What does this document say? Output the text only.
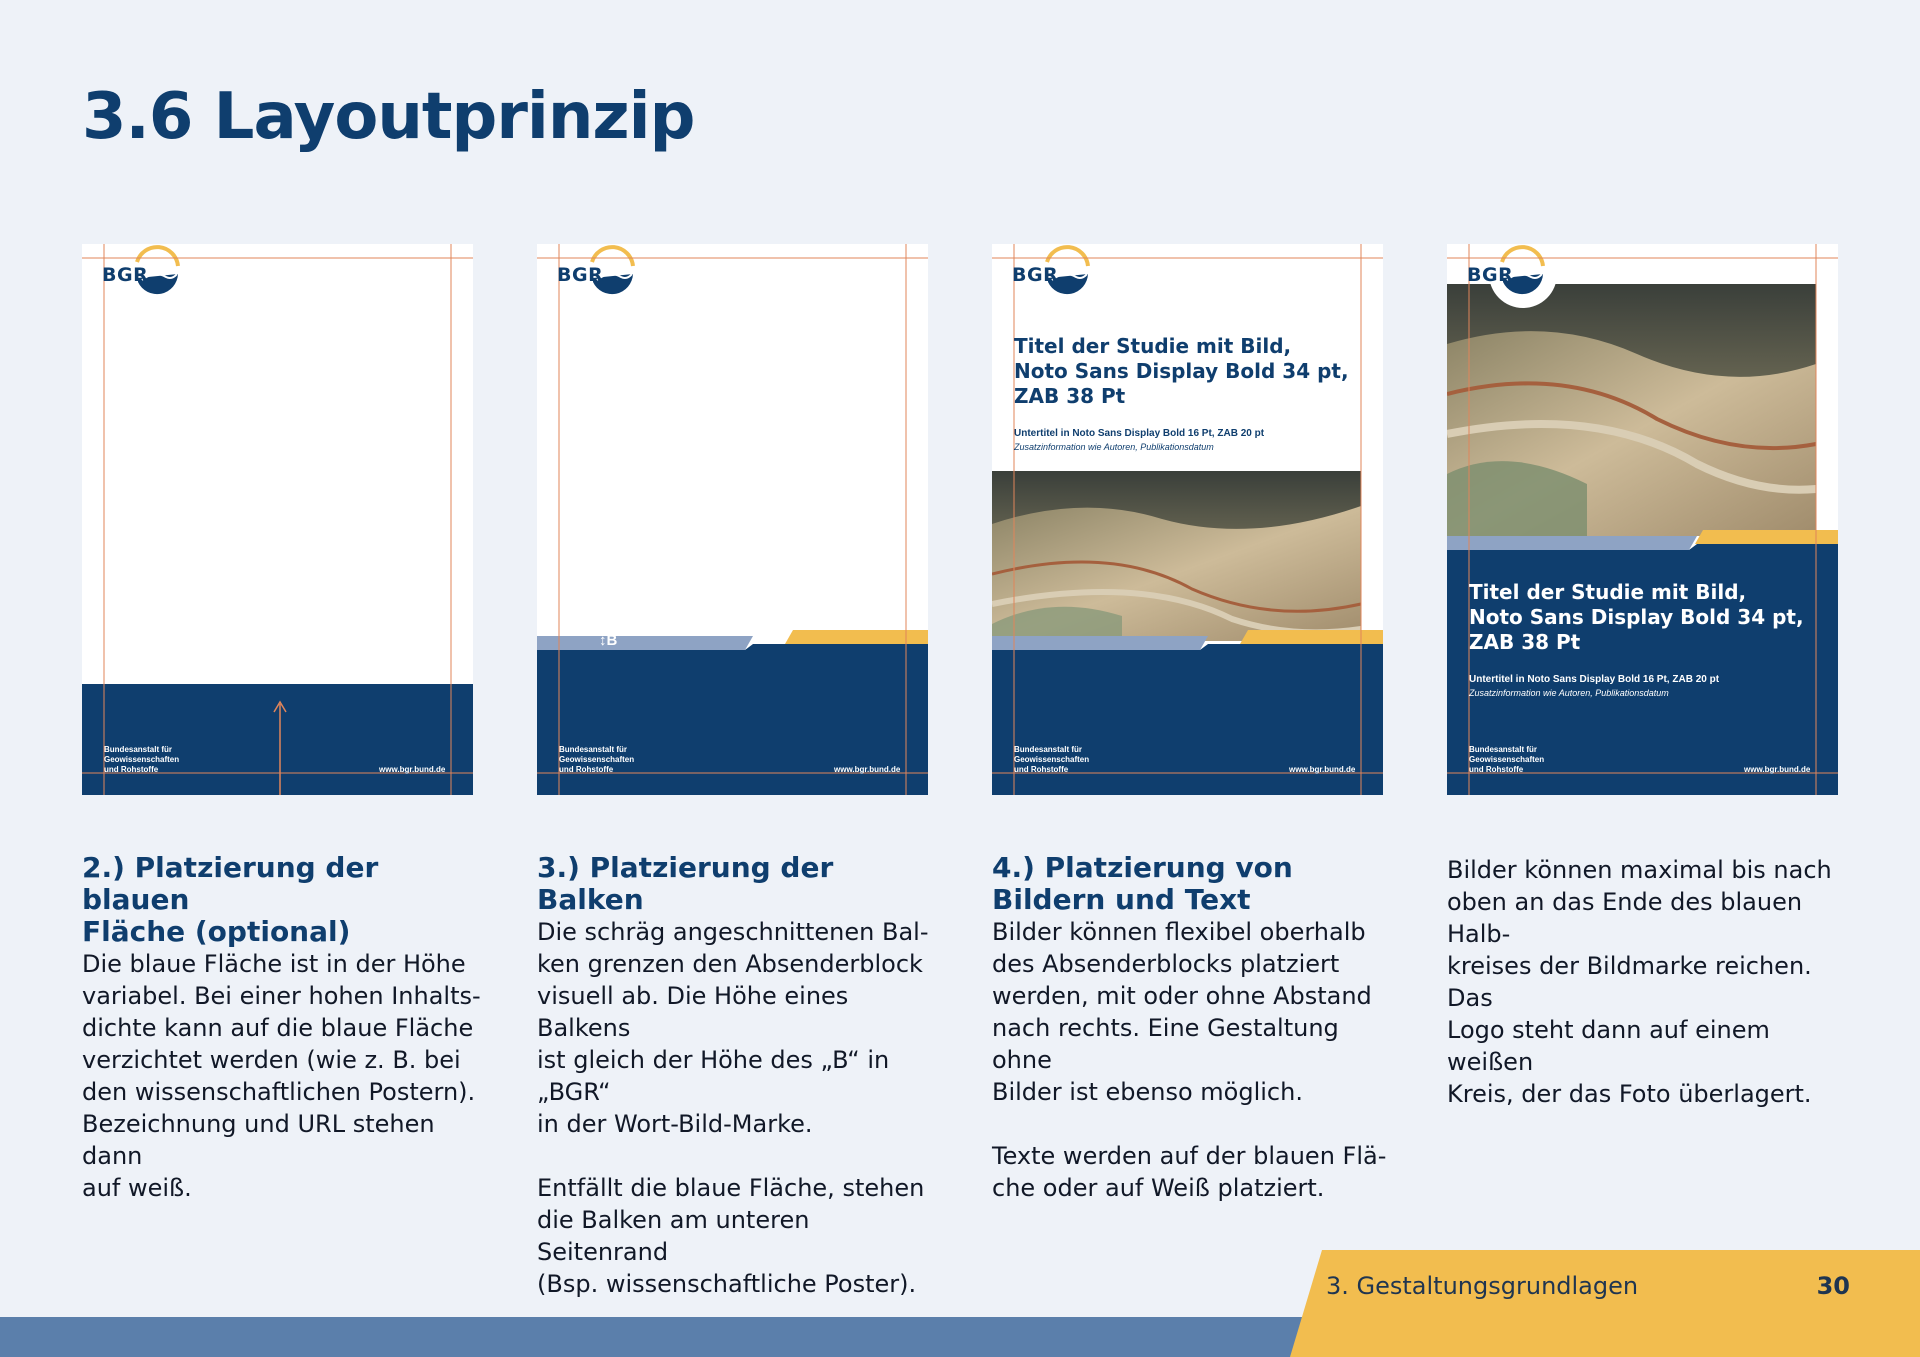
3.6 Layoutprinzip
BGR
Bundesanstalt für
Geowissenschaften
und Rohstoffe	www.bgr.bund.de
BGR
↕B
Bundesanstalt für
Geowissenschaften
und Rohstoffe	www.bgr.bund.de
BGR
Titel der Studie mit Bild,
Noto Sans Display Bold 34 pt,
ZAB 38 Pt
Untertitel in Noto Sans Display Bold 16 Pt, ZAB 20 pt
Zusatzinformation wie Autoren, Publikationsdatum
Bundesanstalt für
Geowissenschaften
und Rohstoffe	www.bgr.bund.de
BGR
Titel der Studie mit Bild,
Noto Sans Display Bold 34 pt,
ZAB 38 Pt
Untertitel in Noto Sans Display Bold 16 Pt, ZAB 20 pt
Zusatzinformation wie Autoren, Publikationsdatum
Bundesanstalt für
Geowissenschaften
und Rohstoffe	www.bgr.bund.de
2.) Platzierung der blauen
Fläche (optional)

Die blaue Fläche ist in der Höhe
variabel. Bei einer hohen Inhalts-
dichte kann auf die blaue Fläche
verzichtet werden (wie z. B. bei
den wissenschaftlichen Postern).
Bezeichnung und URL stehen dann
auf weiß.

3.) Platzierung der Balken

Die schräg angeschnittenen Bal-
ken grenzen den Absenderblock
visuell ab. Die Höhe eines Balkens
ist gleich der Höhe des „B“ in „BGR“
in der Wort-Bild-Marke.

Entfällt die blaue Fläche, stehen
die Balken am unteren Seitenrand
(Bsp. wissenschaftliche Poster).

4.) Platzierung von
Bildern und Text

Bilder können flexibel oberhalb
des Absenderblocks platziert
werden, mit oder ohne Abstand
nach rechts. Eine Gestaltung ohne
Bilder ist ebenso möglich.

Texte werden auf der blauen Flä-
che oder auf Weiß platziert.

Bilder können maximal bis nach
oben an das Ende des blauen Halb-
kreises der Bildmarke reichen. Das
Logo steht dann auf einem weißen
Kreis, der das Foto überlagert.

3. Gestaltungsgrundlagen	30
